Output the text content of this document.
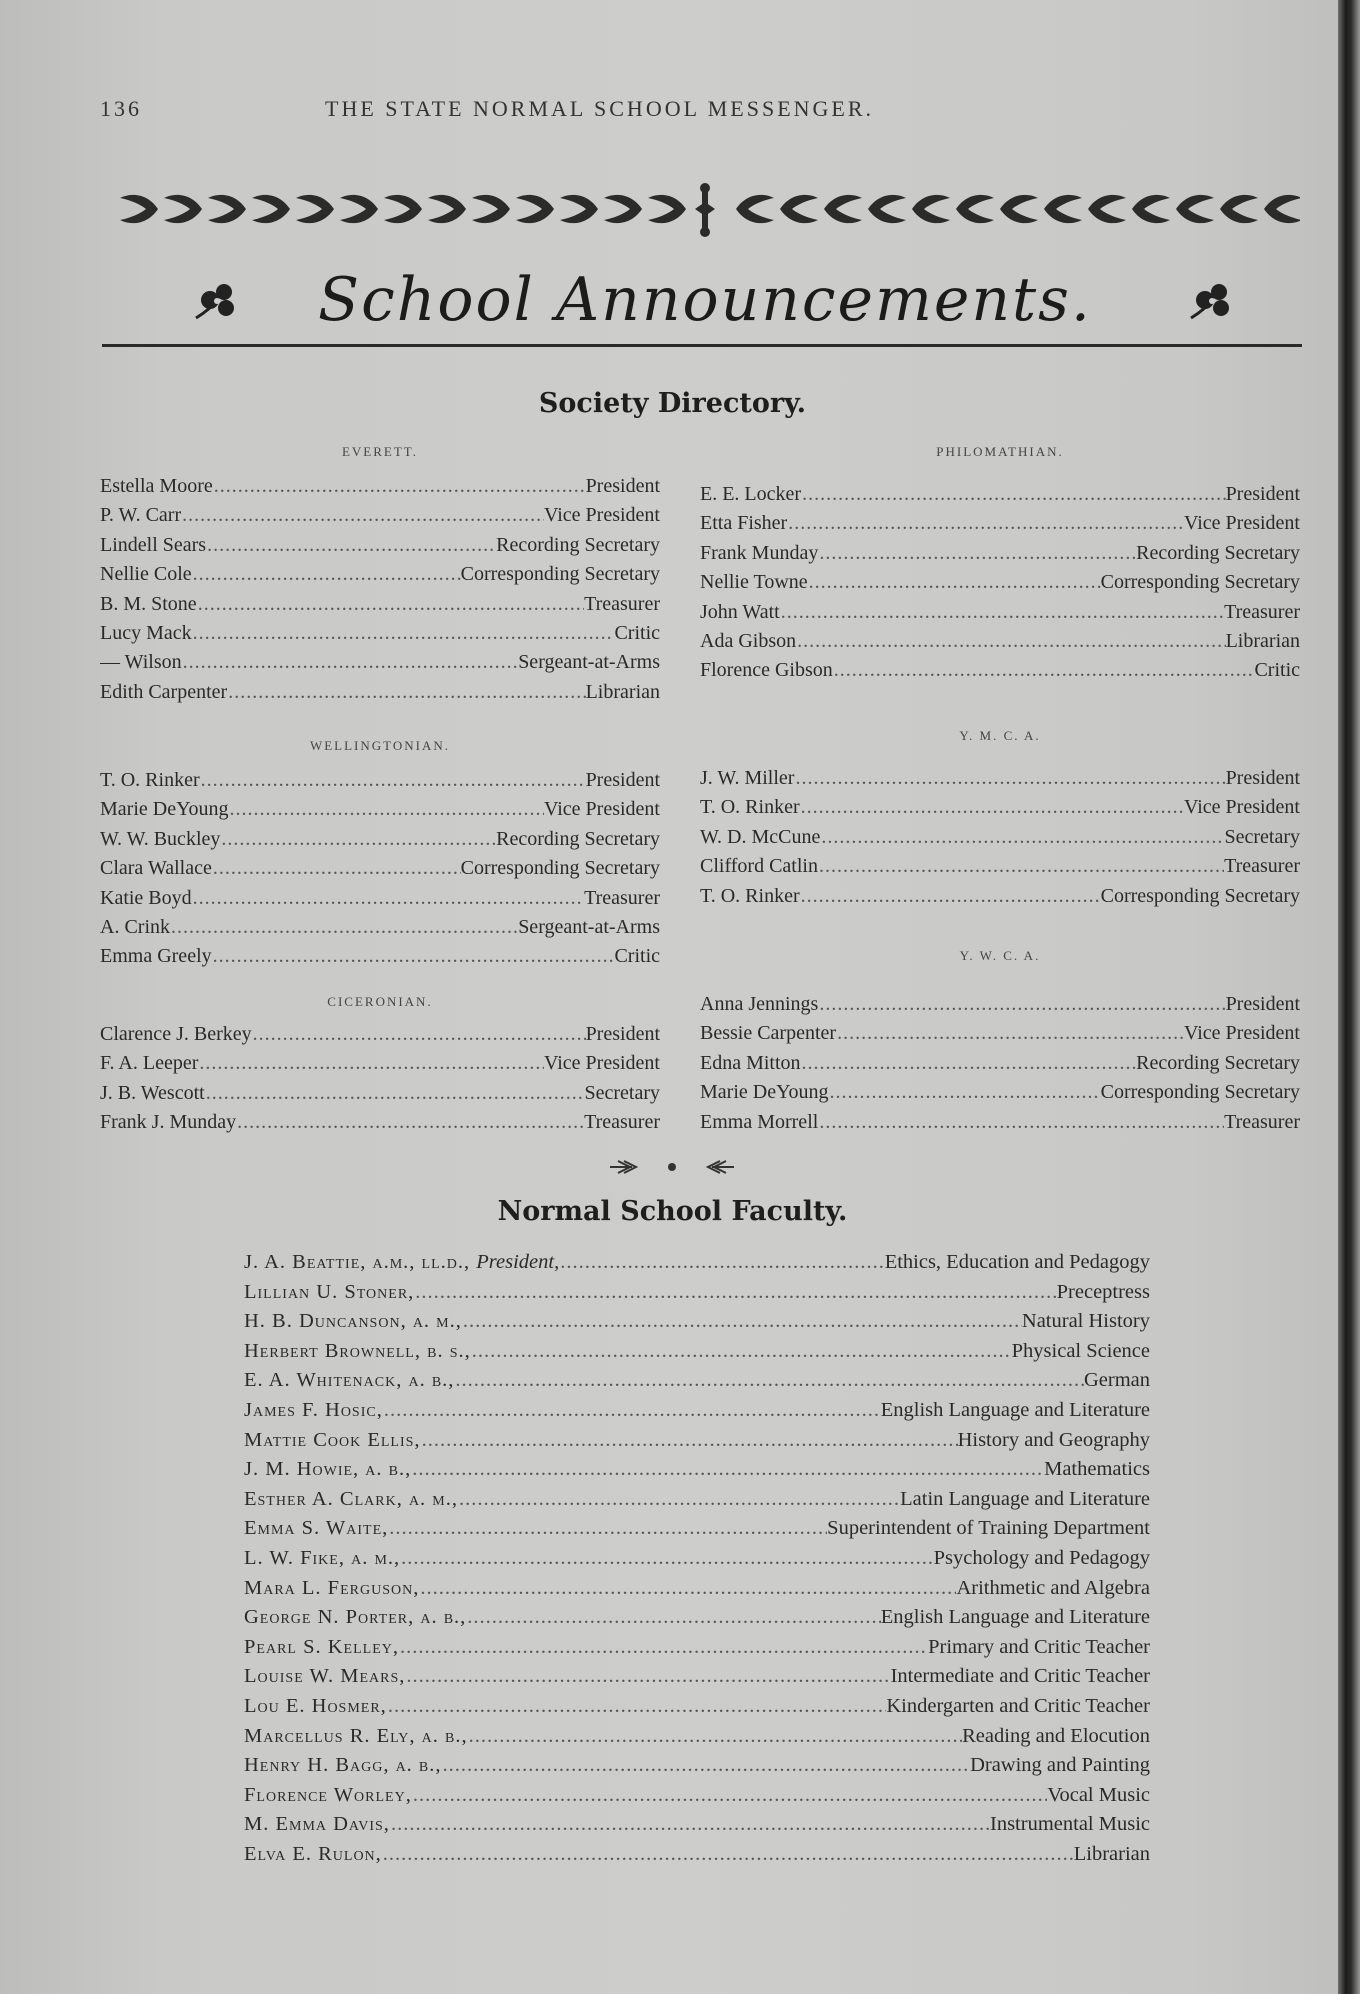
136	THE STATE NORMAL SCHOOL MESSENGER.
School Announcements.
Society Directory.
EVERETT.
Estella Moore .....	President
P. W. Carr .....	Vice President
Lindell Sears .....	Recording Secretary
Nellie Cole .....	Corresponding Secretary
B. M. Stone .....	Treasurer
Lucy Mack .....	Critic
— Wilson .....	Sergeant-at-Arms
Edith Carpenter .....	Librarian
WELLINGTONIAN.
T. O. Rinker .....	President
Marie DeYoung .....	Vice President
W. W. Buckley .....	Recording Secretary
Clara Wallace .....	Corresponding Secretary
Katie Boyd .....	Treasurer
A. Crink .....	Sergeant-at-Arms
Emma Greely .....	Critic
CICERONIAN.
Clarence J. Berkey .....	President
F. A. Leeper .....	Vice President
J. B. Wescott .....	Secretary
Frank J. Munday .....	Treasurer
PHILOMATHIAN.
E. E. Locker .....	President
Etta Fisher .....	Vice President
Frank Munday .....	Recording Secretary
Nellie Towne .....	Corresponding Secretary
John Watt .....	Treasurer
Ada Gibson .....	Librarian
Florence Gibson .....	Critic
Y. M. C. A.
J. W. Miller .....	President
T. O. Rinker .....	Vice President
W. D. McCune .....	Secretary
Clifford Catlin .....	Treasurer
T. O. Rinker .....	Corresponding Secretary
Y. W. C. A.
Anna Jennings .....	President
Bessie Carpenter .....	Vice President
Edna Mitton .....	Recording Secretary
Marie DeYoung .....	Corresponding Secretary
Emma Morrell .....	Treasurer
Normal School Faculty.
J. A. Beattie, a.m., ll.d., President, .....	Ethics, Education and Pedagogy
Lillian U. Stoner, .....	Preceptress
H. B. Duncanson, a. m., .....	Natural History
Herbert Brownell, b. s., .....	Physical Science
E. A. Whitenack, a. b., .....	German
James F. Hosic, .....	English Language and Literature
Mattie Cook Ellis, .....	History and Geography
J. M. Howie, a. b., .....	Mathematics
Esther A. Clark, a. m., .....	Latin Language and Literature
Emma S. Waite, .....	Superintendent of Training Department
L. W. Fike, a. m., .....	Psychology and Pedagogy
Mara L. Ferguson, .....	Arithmetic and Algebra
George N. Porter, a. b., .....	English Language and Literature
Pearl S. Kelley, .....	Primary and Critic Teacher
Louise W. Mears, .....	Intermediate and Critic Teacher
Lou E. Hosmer, .....	Kindergarten and Critic Teacher
Marcellus R. Ely, a. b., .....	Reading and Elocution
Henry H. Bagg, a. b., .....	Drawing and Painting
Florence Worley, .....	Vocal Music
M. Emma Davis, .....	Instrumental Music
Elva E. Rulon, .....	Librarian
